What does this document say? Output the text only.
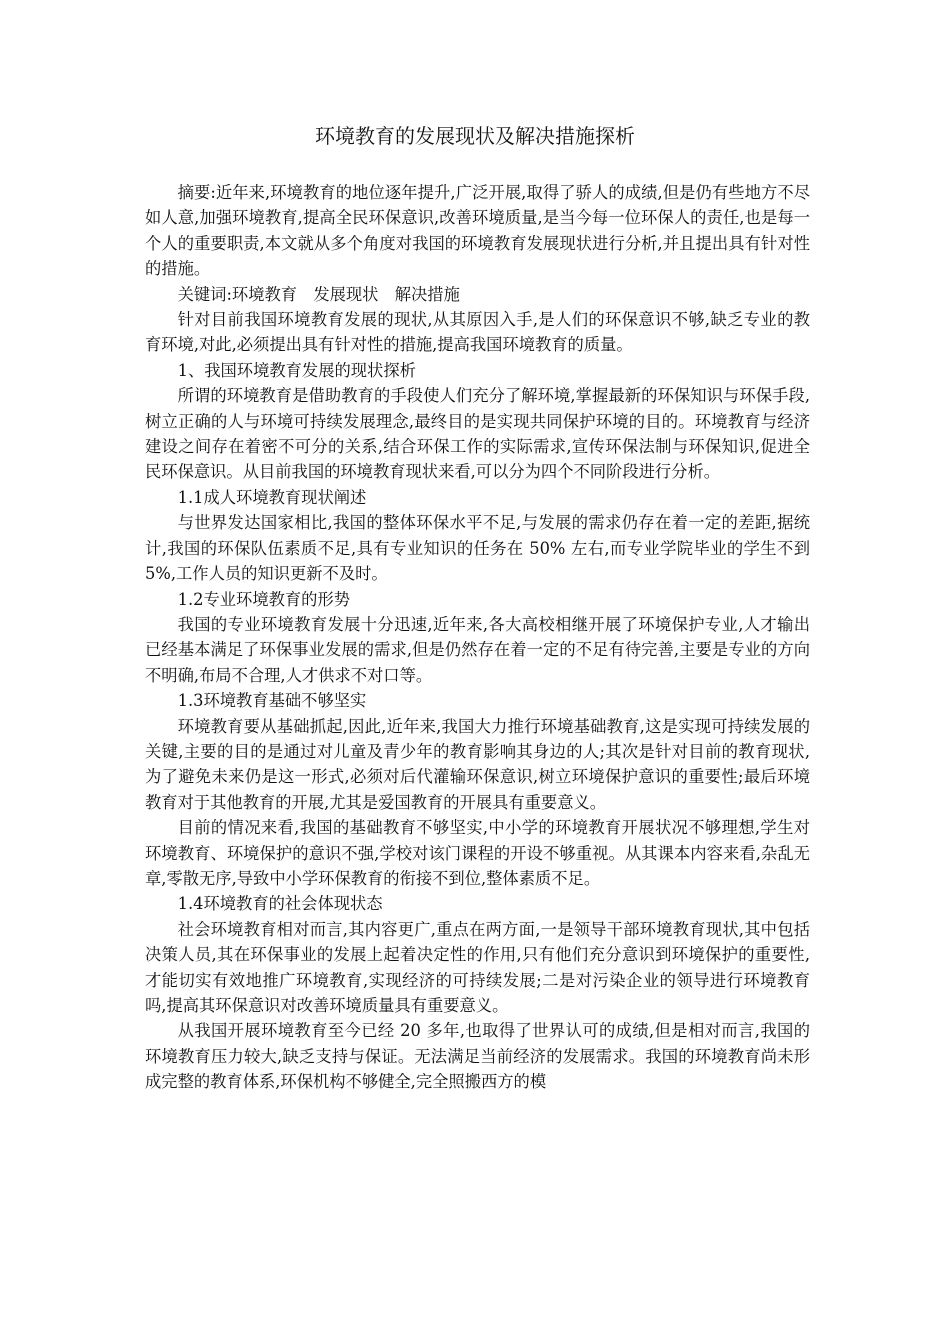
环境教育的发展现状及解决措施探析

摘要:近年来,环境教育的地位逐年提升,广泛开展,取得了骄人的成绩,但是仍有些地方不尽如人意,加强环境教育,提高全民环保意识,改善环境质量,是当今每一位环保人的责任,也是每一个人的重要职责,本文就从多个角度对我国的环境教育发展现状进行分析,并且提出具有针对性的措施。

关键词:环境教育　发展现状　解决措施

针对目前我国环境教育发展的现状,从其原因入手,是人们的环保意识不够,缺乏专业的教育环境,对此,必须提出具有针对性的措施,提高我国环境教育的质量。

1、我国环境教育发展的现状探析

所谓的环境教育是借助教育的手段使人们充分了解环境,掌握最新的环保知识与环保手段,树立正确的人与环境可持续发展理念,最终目的是实现共同保护环境的目的。环境教育与经济建设之间存在着密不可分的关系,结合环保工作的实际需求,宣传环保法制与环保知识,促进全民环保意识。从目前我国的环境教育现状来看,可以分为四个不同阶段进行分析。

1.1成人环境教育现状阐述

与世界发达国家相比,我国的整体环保水平不足,与发展的需求仍存在着一定的差距,据统计,我国的环保队伍素质不足,具有专业知识的任务在 50% 左右,而专业学院毕业的学生不到5%,工作人员的知识更新不及时。

1.2专业环境教育的形势

我国的专业环境教育发展十分迅速,近年来,各大高校相继开展了环境保护专业,人才输出已经基本满足了环保事业发展的需求,但是仍然存在着一定的不足有待完善,主要是专业的方向不明确,布局不合理,人才供求不对口等。

1.3环境教育基础不够坚实

环境教育要从基础抓起,因此,近年来,我国大力推行环境基础教育,这是实现可持续发展的关键,主要的目的是通过对儿童及青少年的教育影响其身边的人;其次是针对目前的教育现状,为了避免未来仍是这一形式,必须对后代灌输环保意识,树立环境保护意识的重要性;最后环境教育对于其他教育的开展,尤其是爱国教育的开展具有重要意义。

目前的情况来看,我国的基础教育不够坚实,中小学的环境教育开展状况不够理想,学生对环境教育、环境保护的意识不强,学校对该门课程的开设不够重视。从其课本内容来看,杂乱无章,零散无序,导致中小学环保教育的衔接不到位,整体素质不足。

1.4环境教育的社会体现状态

社会环境教育相对而言,其内容更广,重点在两方面,一是领导干部环境教育现状,其中包括决策人员,其在环保事业的发展上起着决定性的作用,只有他们充分意识到环境保护的重要性,才能切实有效地推广环境教育,实现经济的可持续发展;二是对污染企业的领导进行环境教育吗,提高其环保意识对改善环境质量具有重要意义。

从我国开展环境教育至今已经 20 多年,也取得了世界认可的成绩,但是相对而言,我国的环境教育压力较大,缺乏支持与保证。无法满足当前经济的发展需求。我国的环境教育尚未形成完整的教育体系,环保机构不够健全,完全照搬西方的模
